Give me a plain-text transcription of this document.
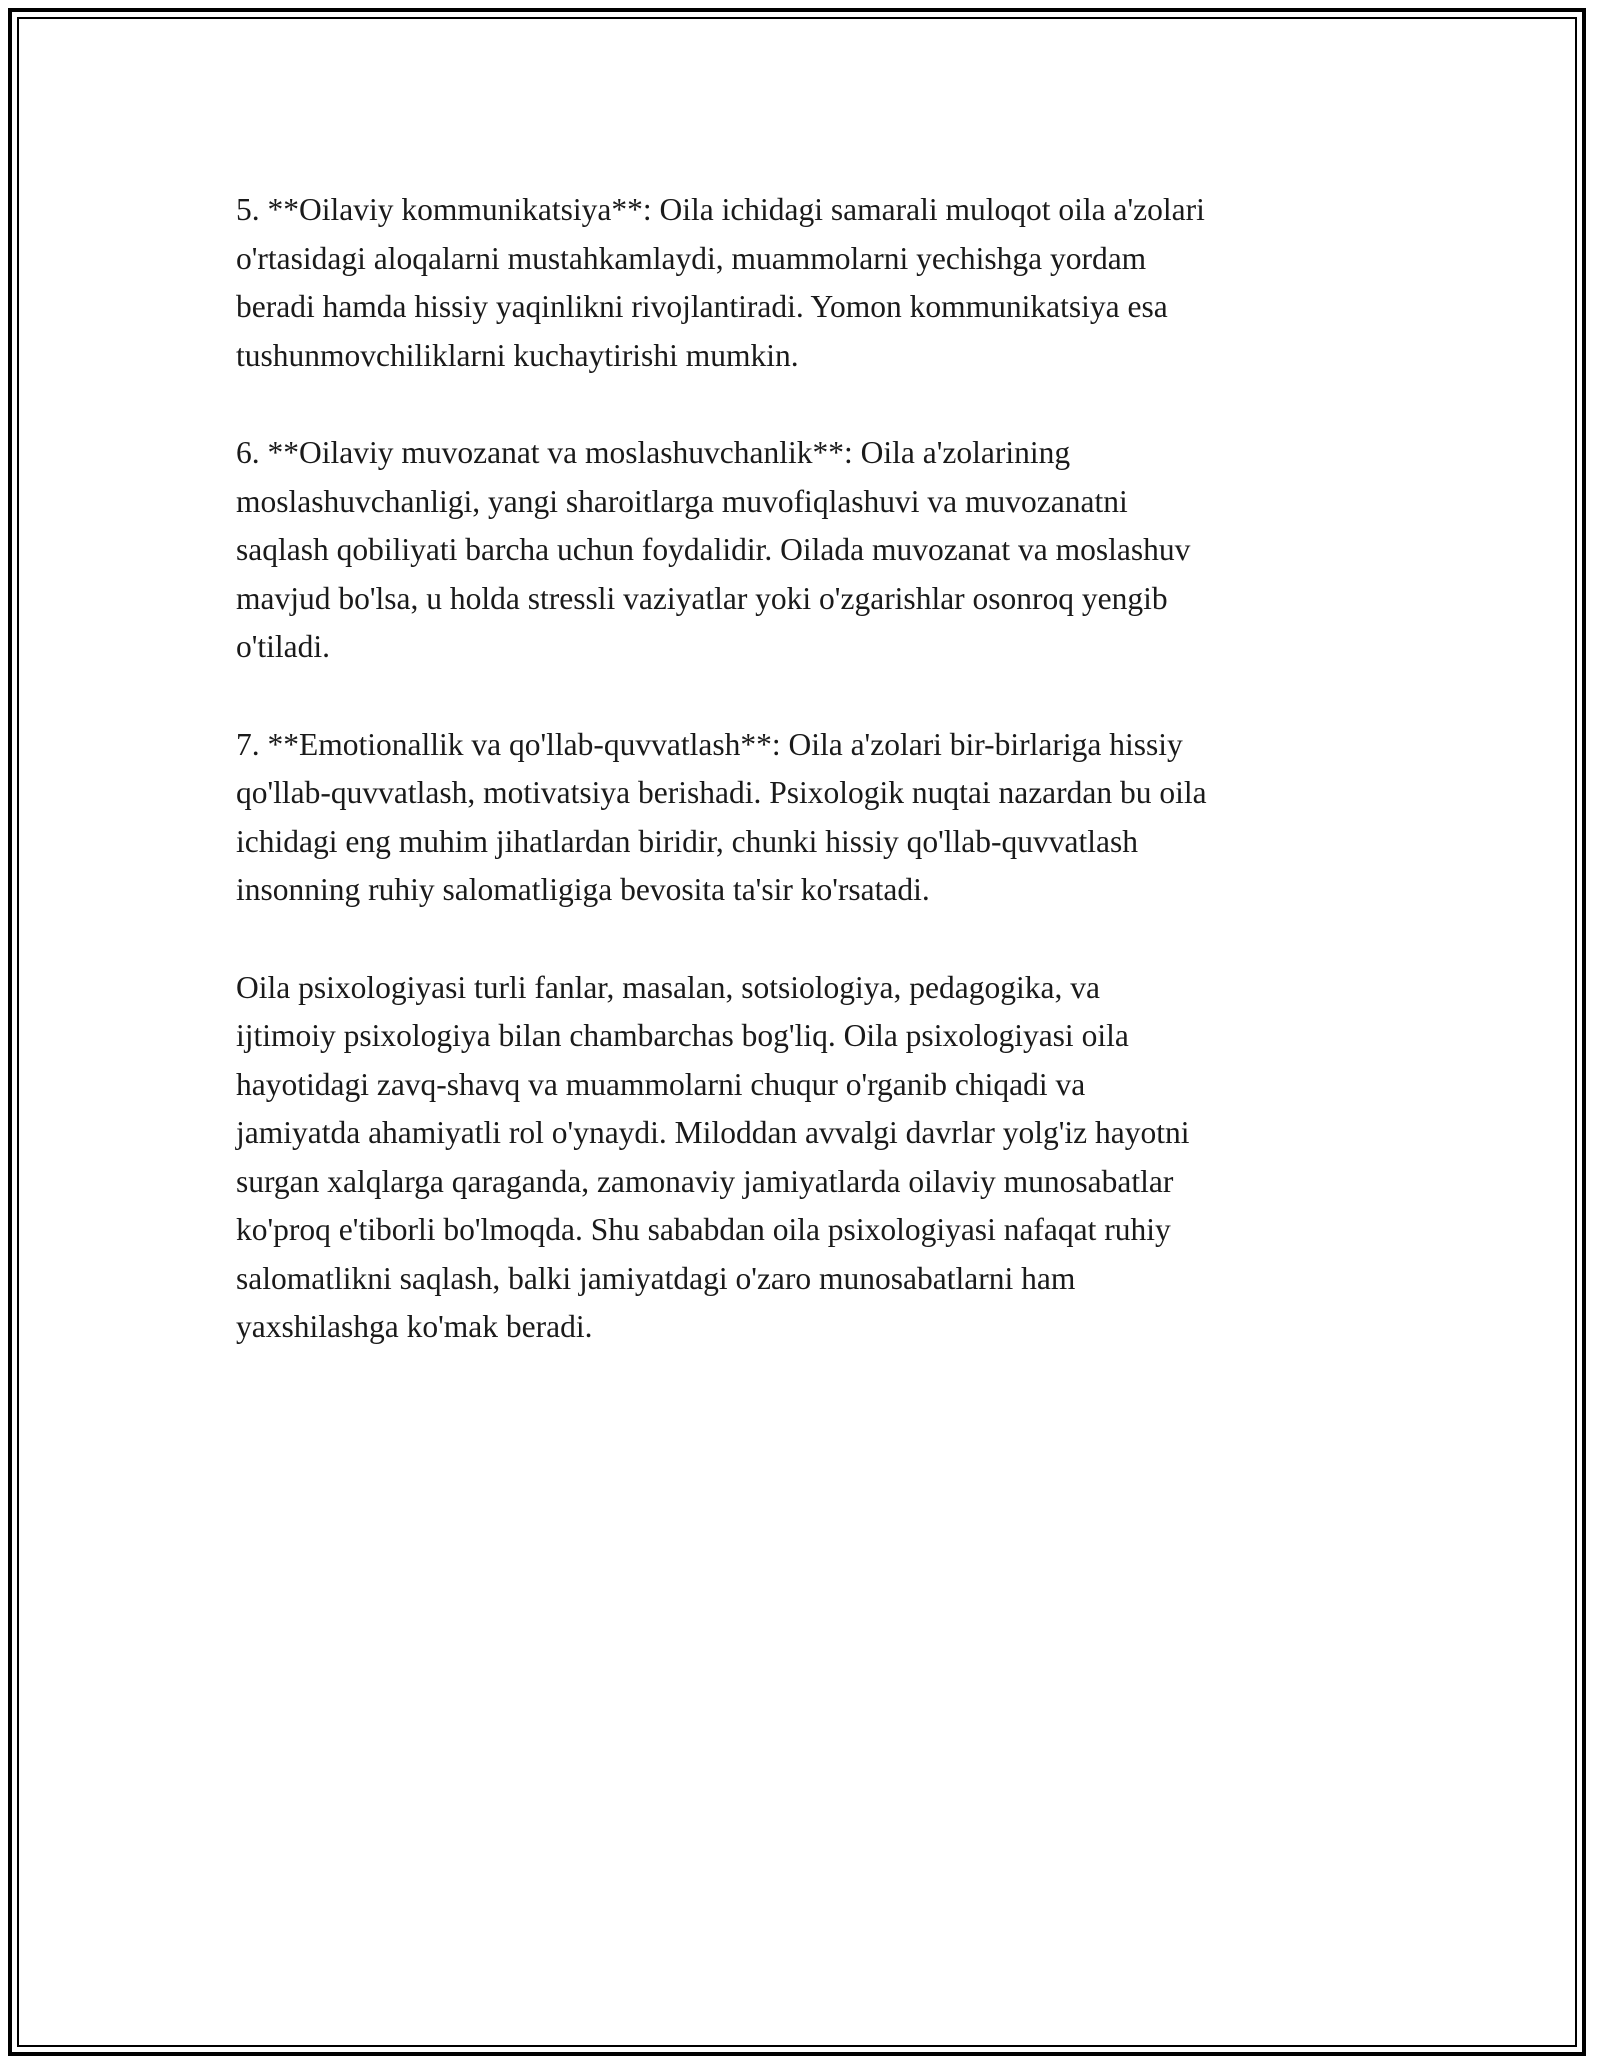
5. **Oilaviy kommunikatsiya**: Oila ichidagi samarali muloqot oila a'zolari
o'rtasidagi aloqalarni mustahkamlaydi, muammolarni yechishga yordam
beradi hamda hissiy yaqinlikni rivojlantiradi. Yomon kommunikatsiya esa
tushunmovchiliklarni kuchaytirishi mumkin.

6. **Oilaviy muvozanat va moslashuvchanlik**: Oila a'zolarining
moslashuvchanligi, yangi sharoitlarga muvofiqlashuvi va muvozanatni
saqlash qobiliyati barcha uchun foydalidir. Oilada muvozanat va moslashuv
mavjud bo'lsa, u holda stressli vaziyatlar yoki o'zgarishlar osonroq yengib
o'tiladi.

7. **Emotionallik va qo'llab-quvvatlash**: Oila a'zolari bir-birlariga hissiy
qo'llab-quvvatlash, motivatsiya berishadi. Psixologik nuqtai nazardan bu oila
ichidagi eng muhim jihatlardan biridir, chunki hissiy qo'llab-quvvatlash
insonning ruhiy salomatligiga bevosita ta'sir ko'rsatadi.

Oila psixologiyasi turli fanlar, masalan, sotsiologiya, pedagogika, va
ijtimoiy psixologiya bilan chambarchas bog'liq. Oila psixologiyasi oila
hayotidagi zavq-shavq va muammolarni chuqur o'rganib chiqadi va
jamiyatda ahamiyatli rol o'ynaydi. Miloddan avvalgi davrlar yolg'iz hayotni
surgan xalqlarga qaraganda, zamonaviy jamiyatlarda oilaviy munosabatlar
ko'proq e'tiborli bo'lmoqda. Shu sababdan oila psixologiyasi nafaqat ruhiy
salomatlikni saqlash, balki jamiyatdagi o'zaro munosabatlarni ham
yaxshilashga ko'mak beradi.
